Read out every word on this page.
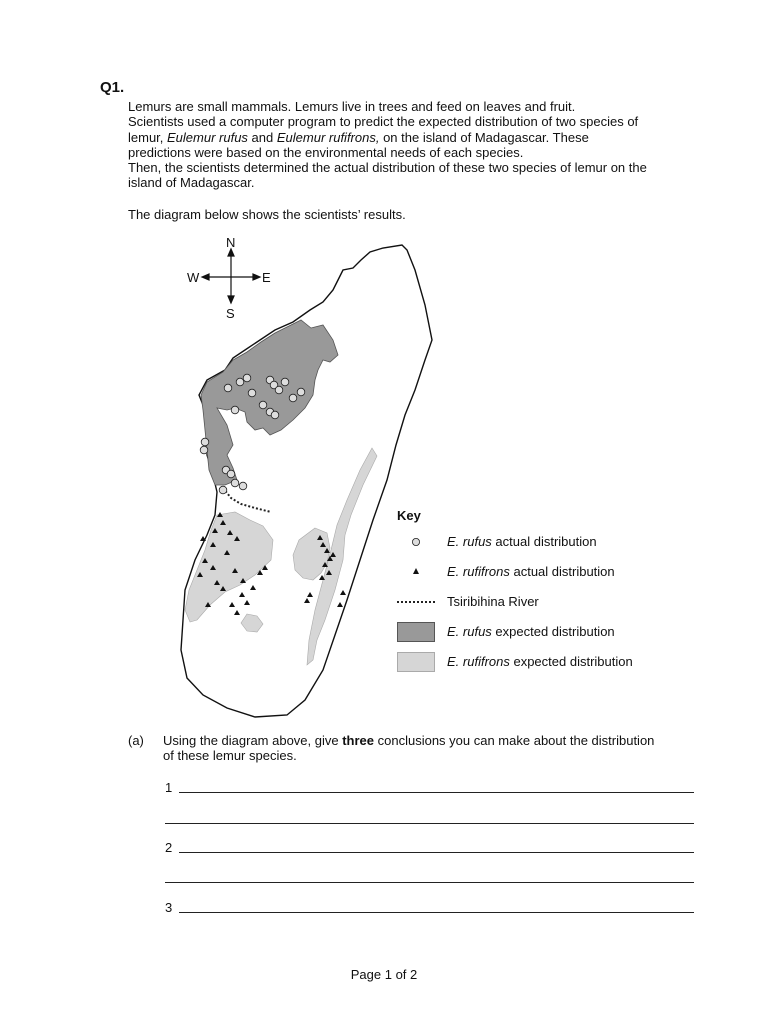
Q1.

Lemurs are small mammals. Lemurs live in trees and feed on leaves and fruit.

Scientists used a computer program to predict the expected distribution of two species of

lemur, Eulemur rufus and Eulemur rufifrons, on the island of Madagascar. These

predictions were based on the environmental needs of each species.

Then, the scientists determined the actual distribution of these two species of lemur on the

island of Madagascar.

The diagram below shows the scientists’ results.
N
S
W	E
Key
E. rufus actual distribution
E. rufifrons actual distribution
Tsiribihina River
E. rufus expected distribution
E. rufifrons expected distribution
(a) Using the diagram above, give three conclusions you can make about the distribution of these lemur species.
1
2
3
Page 1 of 2
